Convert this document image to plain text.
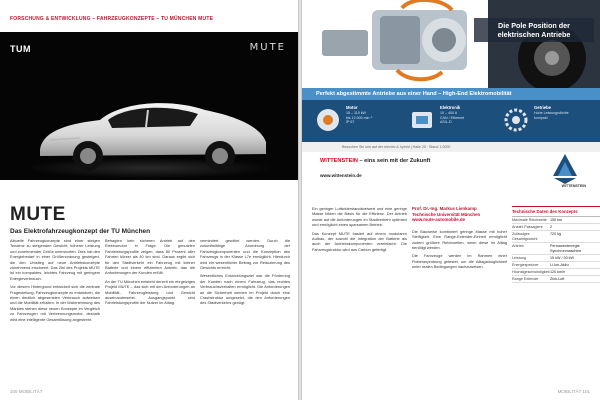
FORSCHUNG & ENTWICKLUNG – FAHRZEUGKONZEPTE – TU MÜNCHEN MUTE
TUM	MUTE
MUTE
Das Elektrofahrzeugkonzept der TU München

Aktuelle Fahrzeugkonzepte sind einer steigen Tendenz zu steigenden Gewicht, höherer Leistung und zunehmender Größe unterworfen. Dies hat den Energiebedarf in einer Größenordnung gesteigert, die den Umstieg auf neue Antriebskonzepte zunehmend erschwert. Das Ziel des Projekts MUTE ist ein kompaktes, leichtes Fahrzeug mit geringem Energieverbrauch.

Vor diesem Hintergrund entwickelt sich die zentrale Fragestellung, Fahrzeugkonzepte zu entwickeln, die einen deutlich abgesenkten Verbrauch aufweisen und die Mobilität erhalten. In der Wahrnehmung des Marktes stehen diese neuen Konzepte im Vergleich zu Fahrzeugen mit Verbrennungsmotor, deshalb wird eine intelligente Gesamtlösung angestrebt.

Befragten kein sicheren Antrieb auf den Elektromotor in Frage. Die genutzten Fahrleistungsprofile zeigen, dass 80 Prozent aller Fahrten kürzer als 40 km sind. Daraus ergibt sich für den Stadtverkehr ein Fahrzeug mit kleiner Batterie und einem effizienten Antrieb, das die Anforderungen der Kunden erfüllt.

An der TU München entsteht derzeit ein ehrgeiziges Projekt MUTE – das sich mit den Anforderungen an Mobilität, Fahrzeugleistung und Gewicht auseinandersetzt. Ausgangspunkt sind Fahrleistungsprofile der Nutzer im Alltag.

vermindert gewährt werden. Durch die zukunftsfähige Anordnung der Fahrzeugkomponenten und die Konzeption des Fahrzeugs in der Klasse L7e ermöglicht. Hierdurch wird ein wesentlicher Beitrag zur Reduzierung des Gewichts erreicht.

Wesentliches Entwicklungsziel war die Förderung der Kunden nach einem Fahrzeug, das rechtes Verbrauchsverhalten ermöglicht. Die Anforderungen an die Sicherheit werden im Projekt durch eine Crashstruktur umgesetzt, die den Anforderungen des Stadtverkehrs genügt.

100 MOBILITÄT
Die Pole Position der
elektrischen Antriebe
Perfekt abgestimmte Antriebe aus einer Hand – High-End Elektromobilität
Motor
15 – 110 kW
bis 12.000 min⁻¹
IP 67
Elektronik
10 – 400 A
CAN / Ethernet
ASIL-D
Getriebe
Hohe Leistungsdichte
kompakt
Besuchen Sie uns auf der electric & hybrid | Halle 25 · Stand 1.0000
WITTENSTEIN – eins sein mit der Zukunft
www.wittenstein.de
WITTENSTEIN

Ein geringer Luftwiderstandsbeiwert und eine geringe Masse bilden die Basis für die Effizienz. Der Antrieb wurde auf die Anforderungen im Stadtverkehr optimiert und ermöglicht einen sparsamen Betrieb.

Das Konzept MUTE basiert auf einem modularen Aufbau, der sowohl die Integration der Batterie als auch der Antriebskomponenten vereinfacht. Die Fahrzeugstruktur wird aus Carbon gefertigt.

Prof. Dr.-Ing. Markus Lienkamp
Technische Universität München
www.mute-automobile.de

Die Bauweise kombiniert geringe Masse mit hoher Steifigkeit. Eine Range-Extender-Einheit ermöglicht zudem größere Reichweiten, wenn diese im Alltag benötigt werden.

Die Fahrzeuge werden im Rahmen einer Flottenerprobung getestet, um die Alltagstauglichkeit unter realen Bedingungen nachzuweisen.

Technische Daten des Konzepts
Maximale Reichweite 100 km
Anzahl Passagiere	2
Zulässiges Gesamtgewicht
720 kg
Antrieb	Permanenterregte Synchronmaschine
Leistung	15 kW / 30 kW
Energiespeicher	Li-Ion-Akku
Höchstgeschwindigkeit 120 km/h
Range Extender	Zink-Luft
MOBILITÄT 101
